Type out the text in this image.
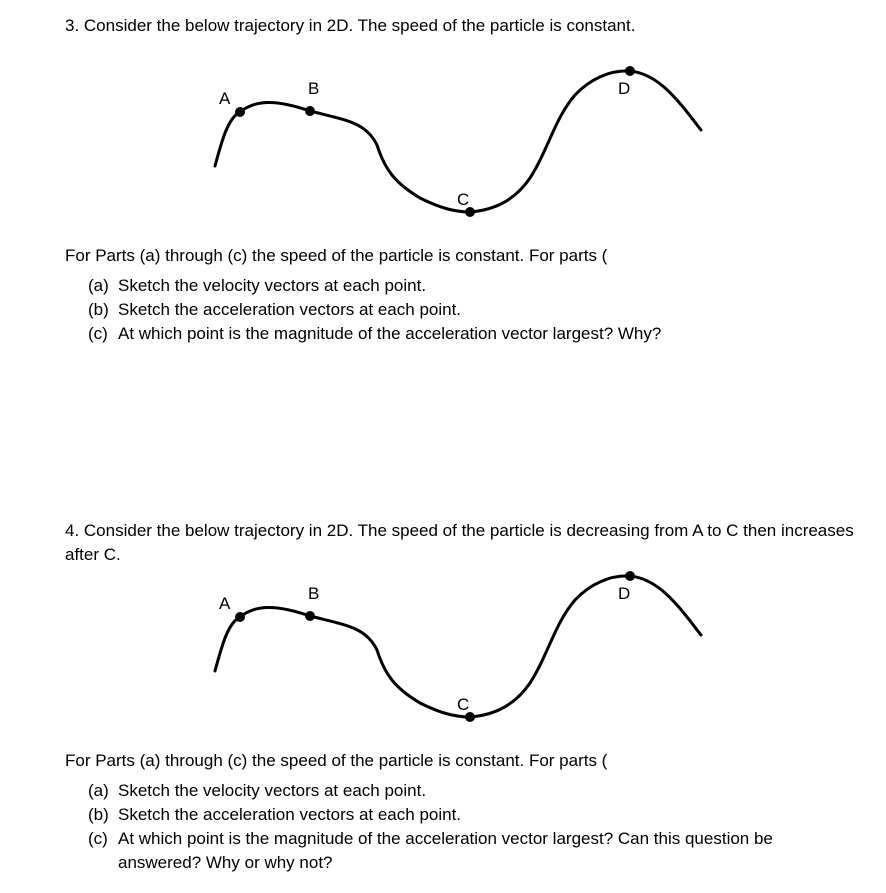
3. Consider the below trajectory in 2D. The speed of the particle is constant.
A
B
C
D
For Parts (a) through (c) the speed of the particle is constant. For parts (
(a) Sketch the velocity vectors at each point.
(b) Sketch the acceleration vectors at each point.
(c) At which point is the magnitude of the acceleration vector largest? Why?
4. Consider the below trajectory in 2D. The speed of the particle is decreasing from A to C then increases after C.
A
B
C
D
For Parts (a) through (c) the speed of the particle is constant. For parts (
(a) Sketch the velocity vectors at each point.
(b) Sketch the acceleration vectors at each point.
(c) At which point is the magnitude of the acceleration vector largest? Can this question be answered? Why or why not?
